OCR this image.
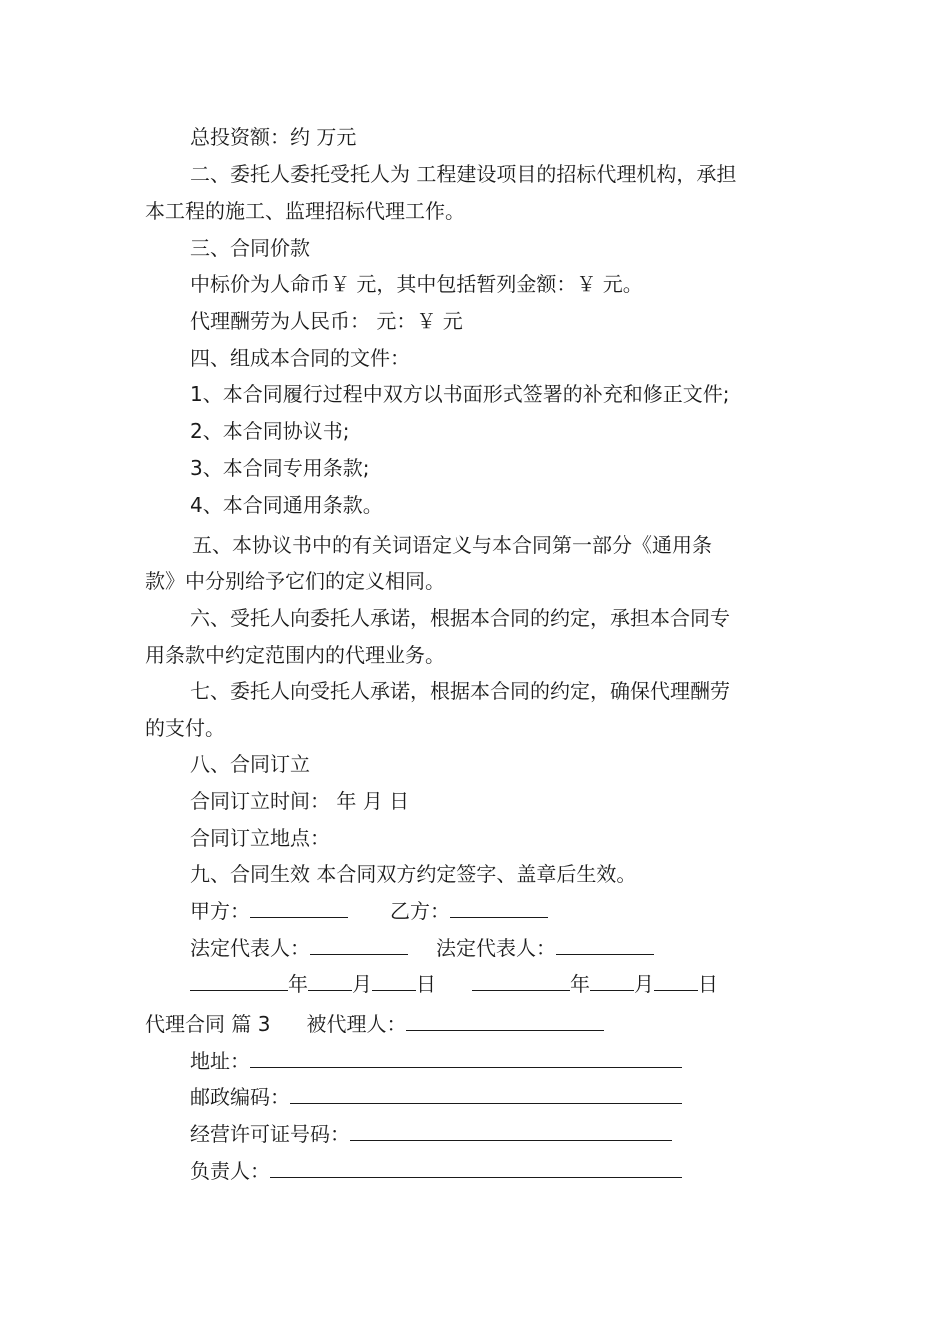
总投资额：约 万元
二、委托人委托受托人为 工程建设项目的招标代理机构，承担
本工程的施工、监理招标代理工作。
三、合同价款
中标价为人命币￥ 元，其中包括暂列金额：￥ 元。
代理酬劳为人民币： 元：￥ 元
四、组成本合同的文件：
1、本合同履行过程中双方以书面形式签署的补充和修正文件;
2、本合同协议书;
3、本合同专用条款;
4、本合同通用条款。
五、本协议书中的有关词语定义与本合同第一部分《通用条
款》中分别给予它们的定义相同。
六、受托人向委托人承诺，根据本合同的约定，承担本合同专
用条款中约定范围内的代理业务。
七、委托人向受托人承诺，根据本合同的约定，确保代理酬劳
的支付。
八、合同订立
合同订立时间： 年 月 日
合同订立地点：
九、合同生效 本合同双方约定签字、盖章后生效。
甲方：	乙方：
法定代表人：	法定代表人：
年 月 日	年 月 日
代理合同 篇 3 被代理人：
地址：
邮政编码：
经营许可证号码：
负责人：
